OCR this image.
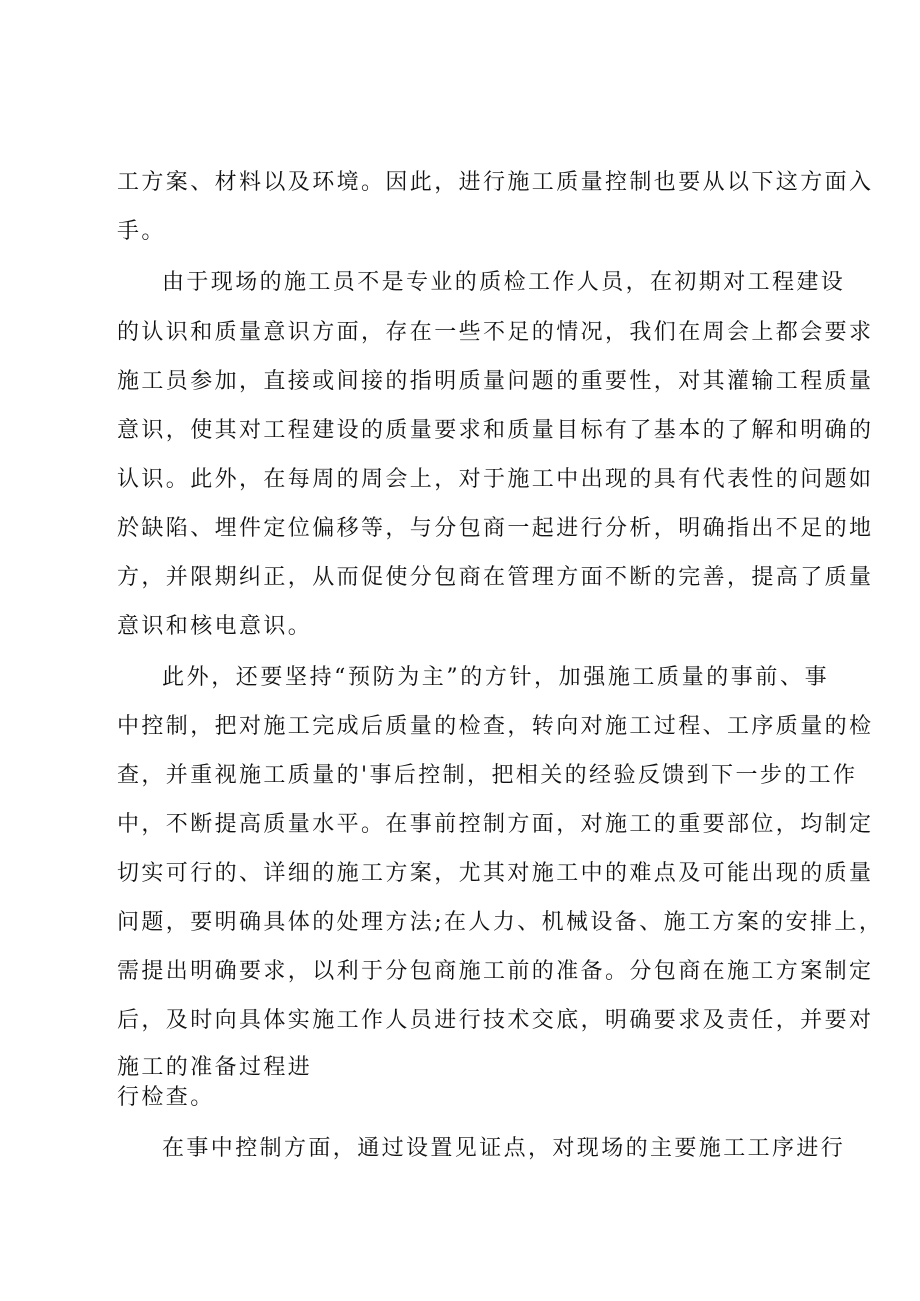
工方案、材料以及环境。因此，进行施工质量控制也要从以下这方面入
手。
由于现场的施工员不是专业的质检工作人员，在初期对工程建设
的认识和质量意识方面，存在一些不足的情况，我们在周会上都会要求
施工员参加，直接或间接的指明质量问题的重要性，对其灌输工程质量
意识，使其对工程建设的质量要求和质量目标有了基本的了解和明确的
认识。此外，在每周的周会上，对于施工中出现的具有代表性的问题如
於缺陷、埋件定位偏移等，与分包商一起进行分析，明确指出不足的地
方，并限期纠正，从而促使分包商在管理方面不断的完善，提高了质量
意识和核电意识。
此外，还要坚持“预防为主”的方针，加强施工质量的事前、事
中控制，把对施工完成后质量的检查，转向对施工过程、工序质量的检
查，并重视施工质量的'事后控制，把相关的经验反馈到下一步的工作
中，不断提高质量水平。在事前控制方面，对施工的重要部位，均制定
切实可行的、详细的施工方案，尤其对施工中的难点及可能出现的质量
问题，要明确具体的处理方法;在人力、机械设备、施工方案的安排上，
需提出明确要求，以利于分包商施工前的准备。分包商在施工方案制定
后，及时向具体实施工作人员进行技术交底，明确要求及责任，并要对
施工的准备过程进
行检查。
在事中控制方面，通过设置见证点，对现场的主要施工工序进行
